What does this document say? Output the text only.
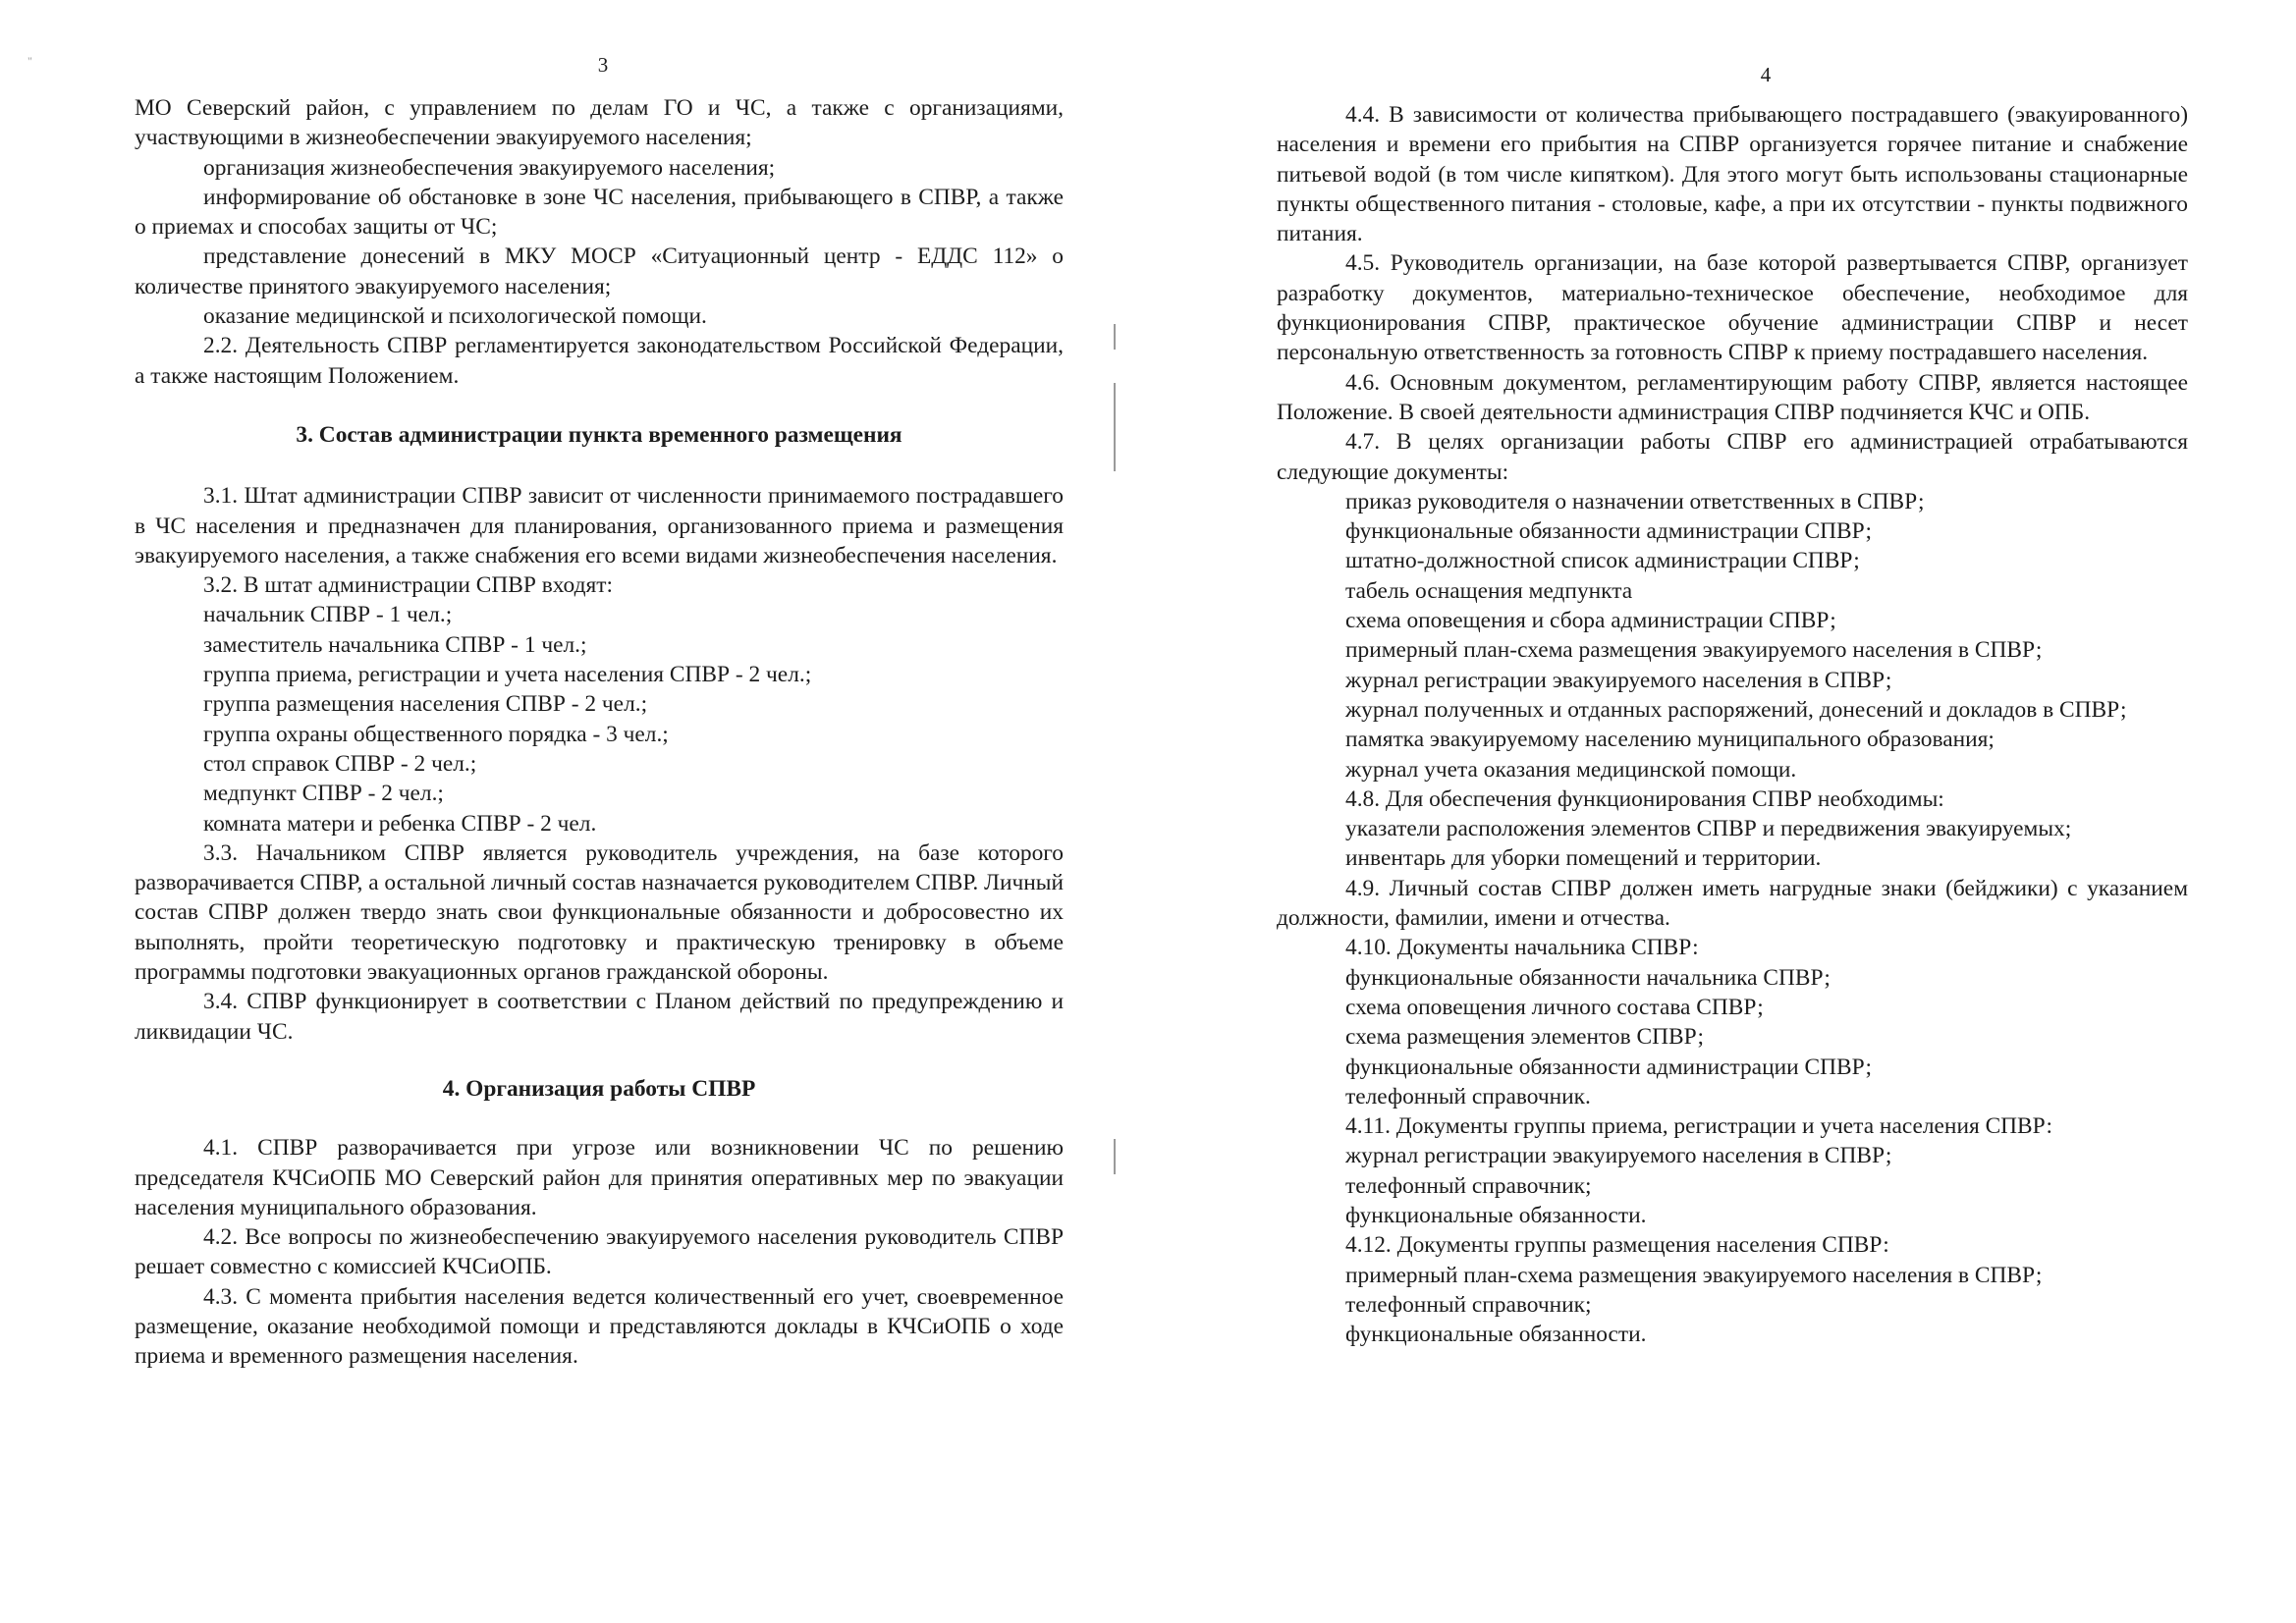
"	3

МО Северский район, с управлением по делам ГО и ЧС, а также с организациями, участвующими в жизнеобеспечении эвакуируемого населения;

организация жизнеобеспечения эвакуируемого населения;

информирование об обстановке в зоне ЧС населения, прибывающего в СПВР, а также о приемах и способах защиты от ЧС;

представление донесений в МКУ МОСР «Ситуационный центр - ЕДДС 112» о количестве принятого эвакуируемого населения;

оказание медицинской и психологической помощи.

2.2. Деятельность СПВР регламентируется законодательством Российской Федерации, а также настоящим Положением.

3. Состав администрации пункта временного размещения

3.1. Штат администрации СПВР зависит от численности принимаемого пострадавшего в ЧС населения и предназначен для планирования, организованного приема и размещения эвакуируемого населения, а также снабжения его всеми видами жизнеобеспечения населения.

3.2. В штат администрации СПВР входят:

начальник СПВР - 1 чел.;

заместитель начальника СПВР - 1 чел.;

группа приема, регистрации и учета населения СПВР - 2 чел.;

группа размещения населения СПВР - 2 чел.;

группа охраны общественного порядка - 3 чел.;

стол справок СПВР - 2 чел.;

медпункт СПВР - 2 чел.;

комната матери и ребенка СПВР - 2 чел.

3.3. Начальником СПВР является руководитель учреждения, на базе которого разворачивается СПВР, а остальной личный состав назначается руководителем СПВР. Личный состав СПВР должен твердо знать свои функциональные обязанности и добросовестно их выполнять, пройти теоретическую подготовку и практическую тренировку в объеме программы подготовки эвакуационных органов гражданской обороны.

3.4. СПВР функционирует в соответствии с Планом действий по предупреждению и ликвидации ЧС.

4. Организация работы СПВР

4.1. СПВР разворачивается при угрозе или возникновении ЧС по решению председателя КЧСиОПБ МО Северский район для принятия оперативных мер по эвакуации населения муниципального образования.

4.2. Все вопросы по жизнеобеспечению эвакуируемого населения руководитель СПВР решает совместно с комиссией КЧСиОПБ.

4.3. С момента прибытия населения ведется количественный его учет, своевременное размещение, оказание необходимой помощи и представляются доклады в КЧСиОПБ о ходе приема и временного размещения населения.

4

4.4. В зависимости от количества прибывающего пострадавшего (эвакуированного) населения и времени его прибытия на СПВР организуется горячее питание и снабжение питьевой водой (в том числе кипятком). Для этого могут быть использованы стационарные пункты общественного питания - столовые, кафе, а при их отсутствии - пункты подвижного питания.

4.5. Руководитель организации, на базе которой развертывается СПВР, организует разработку документов, материально-техническое обеспечение, необходимое для функционирования СПВР, практическое обучение администрации СПВР и несет персональную ответственность за готовность СПВР к приему пострадавшего населения.

4.6. Основным документом, регламентирующим работу СПВР, является настоящее Положение. В своей деятельности администрация СПВР подчиняется КЧС и ОПБ.

4.7. В целях организации работы СПВР его администрацией отрабатываются следующие документы:

приказ руководителя о назначении ответственных в СПВР;

функциональные обязанности администрации СПВР;

штатно-должностной список администрации СПВР;

табель оснащения медпункта

схема оповещения и сбора администрации СПВР;

примерный план-схема размещения эвакуируемого населения в СПВР;

журнал регистрации эвакуируемого населения в СПВР;

журнал полученных и отданных распоряжений, донесений и докладов в СПВР;

памятка эвакуируемому населению муниципального образования;

журнал учета оказания медицинской помощи.

4.8. Для обеспечения функционирования СПВР необходимы:

указатели расположения элементов СПВР и передвижения эвакуируемых;

инвентарь для уборки помещений и территории.

4.9. Личный состав СПВР должен иметь нагрудные знаки (бейджики) с указанием должности, фамилии, имени и отчества.

4.10. Документы начальника СПВР:

функциональные обязанности начальника СПВР;

схема оповещения личного состава СПВР;

схема размещения элементов СПВР;

функциональные обязанности администрации СПВР;

телефонный справочник.

4.11. Документы группы приема, регистрации и учета населения СПВР:

журнал регистрации эвакуируемого населения в СПВР;

телефонный справочник;

функциональные обязанности.

4.12. Документы группы размещения населения СПВР:

примерный план-схема размещения эвакуируемого населения в СПВР;

телефонный справочник;

функциональные обязанности.
